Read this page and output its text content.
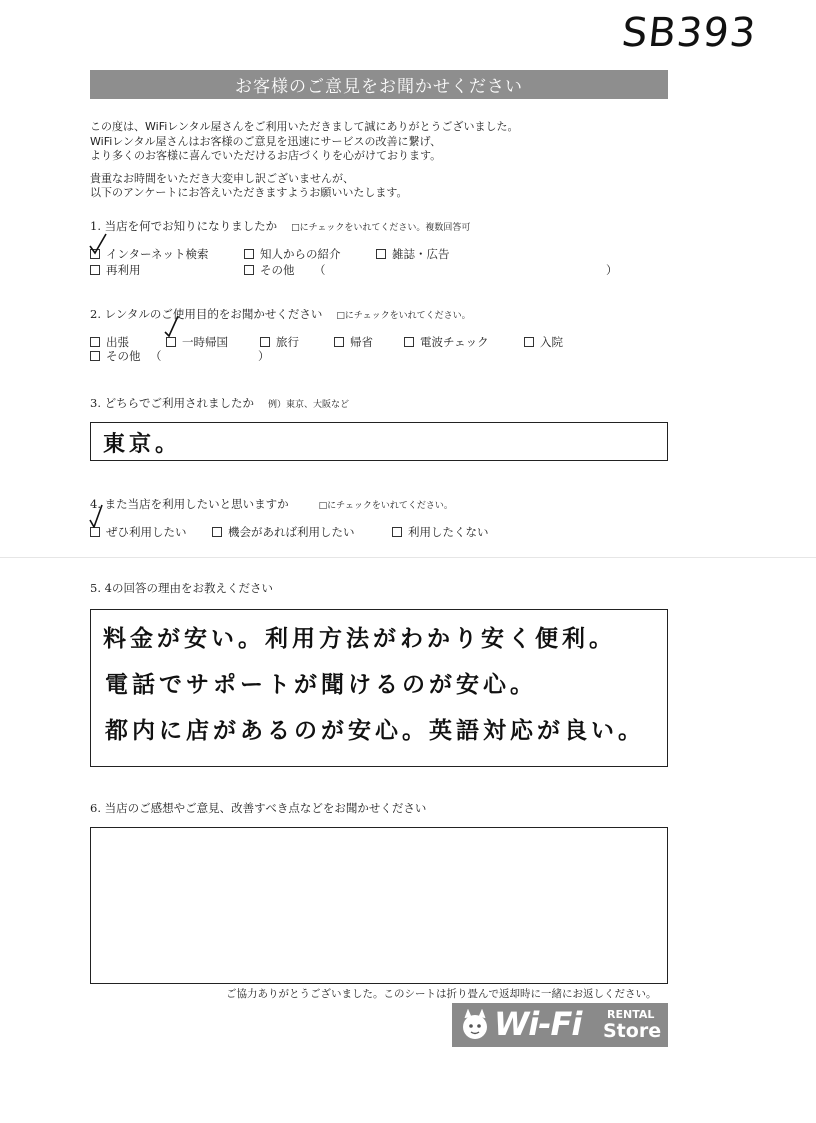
SB393
お客様のご意見をお聞かせください
この度は、WiFiレンタル屋さんをご利用いただきまして誠にありがとうございました。
WiFiレンタル屋さんはお客様のご意見を迅速にサービスの改善に繋げ、
より多くのお客様に喜んでいただけるお店づくりを心がけております。
貴重なお時間をいただき大変申し訳ございませんが、
以下のアンケートにお答えいただきますようお願いいたします。
1. 当店を何でお知りになりましたか □にチェックをいれてください。複数回答可
インターネット検索	知人からの紹介	雑誌・広告
再利用	その他 （	）
2. レンタルのご使用目的をお聞かせください □にチェックをいれてください。
出張	一時帰国	旅行	帰省	電波チェック	入院
その他 （	）
3. どちらでご利用されましたか 例）東京、大阪など
東京。
4. また当店を利用したいと思いますか	□にチェックをいれてください。
ぜひ利用したい	機会があれば利用したい	利用したくない
5. 4の回答の理由をお教えください
料金が安い。利用方法がわかり安く便利。
電話でサポートが聞けるのが安心。
都内に店があるのが安心。英語対応が良い。
6. 当店のご感想やご意見、改善すべき点などをお聞かせください
ご協力ありがとうございました。このシートは折り畳んで返却時に一緒にお返しください。
Wi-Fi RENTAL
Store
